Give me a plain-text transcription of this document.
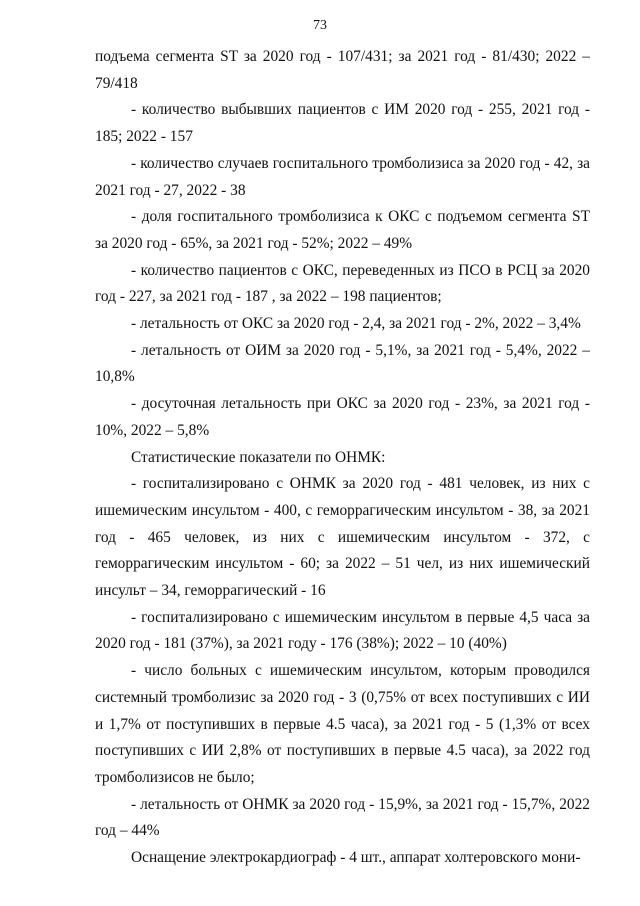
73

подъема сегмента ST за 2020 год - 107/431; за 2021 год - 81/430; 2022 – 79/418

- количество выбывших пациентов с ИМ 2020 год - 255, 2021 год - 185; 2022 - 157

- количество случаев госпитального тромболизиса за 2020 год - 42, за 2021 год - 27, 2022 - 38

- доля госпитального тромболизиса к ОКС с подъемом сегмента ST за 2020 год - 65%, за 2021 год - 52%; 2022 – 49%

- количество пациентов с ОКС, переведенных из ПСО в РСЦ за 2020 год - 227, за 2021 год - 187 , за 2022 – 198 пациентов;

- летальность от ОКС за 2020 год - 2,4, за 2021 год - 2%, 2022 – 3,4%

- летальность от ОИМ за 2020 год - 5,1%, за 2021 год - 5,4%, 2022 – 10,8%

- досуточная летальность при ОКС за 2020 год - 23%, за 2021 год - 10%, 2022 – 5,8%

Статистические показатели по ОНМК:

- госпитализировано с ОНМК за 2020 год - 481 человек, из них с ишемическим инсультом - 400, с геморрагическим инсультом - 38, за 2021 год - 465 человек, из них с ишемическим инсультом - 372, с геморрагическим инсультом - 60; за 2022 – 51 чел, из них ишемический инсульт – 34, геморрагический - 16

- госпитализировано с ишемическим инсультом в первые 4,5 часа за 2020 год - 181 (37%), за 2021 году - 176 (38%); 2022 – 10 (40%)

- число больных с ишемическим инсультом, которым проводился системный тромболизис за 2020 год - 3 (0,75% от всех поступивших с ИИ и 1,7% от поступивших в первые 4.5 часа), за 2021 год - 5 (1,3% от всех поступивших с ИИ 2,8% от поступивших в первые 4.5 часа), за 2022 год тромболизисов не было;

- летальность от ОНМК за 2020 год - 15,9%, за 2021 год - 15,7%, 2022 год – 44%

Оснащение электрокардиограф - 4 шт., аппарат холтеровского мони-
